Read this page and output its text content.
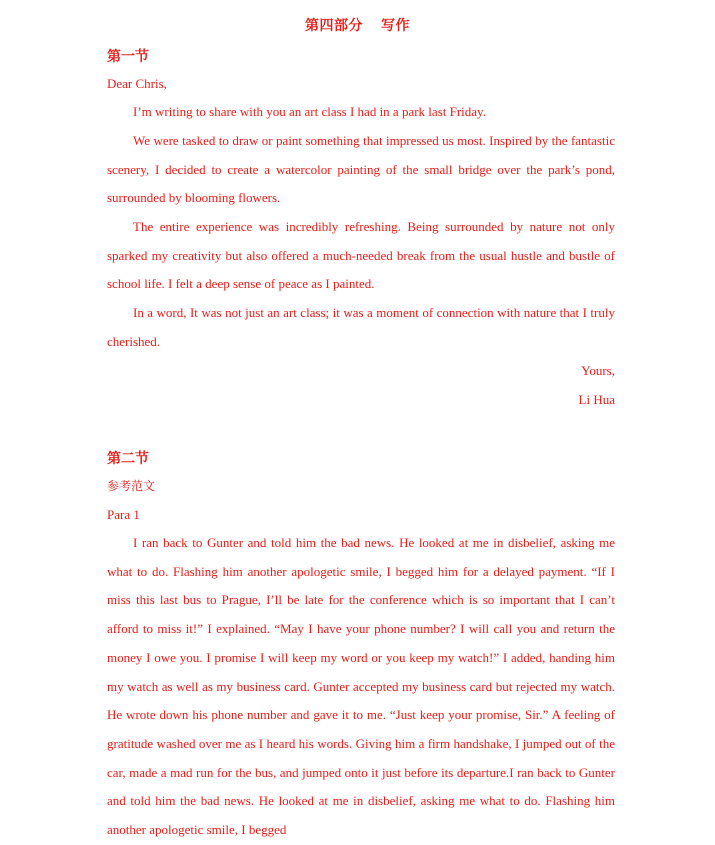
第四部分 写作
第一节
Dear Chris,
I’m writing to share with you an art class I had in a park last Friday.
We were tasked to draw or paint something that impressed us most. Inspired by the fantastic scenery, I decided to create a watercolor painting of the small bridge over the park’s pond, surrounded by blooming flowers.
The entire experience was incredibly refreshing. Being surrounded by nature not only sparked my creativity but also offered a much-needed break from the usual hustle and bustle of school life. I felt a deep sense of peace as I painted.
In a word, It was not just an art class; it was a moment of connection with nature that I truly cherished.
Yours,
Li Hua
第二节
参考范文
Para 1
I ran back to Gunter and told him the bad news. He looked at me in disbelief, asking me what to do. Flashing him another apologetic smile, I begged him for a delayed payment. “If I miss this last bus to Prague, I’ll be late for the conference which is so important that I can’t afford to miss it!” I explained. “May I have your phone number? I will call you and return the money I owe you. I promise I will keep my word or you keep my watch!” I added, handing him my watch as well as my business card. Gunter accepted my business card but rejected my watch. He wrote down his phone number and gave it to me. “Just keep your promise, Sir.” A feeling of gratitude washed over me as I heard his words. Giving him a firm handshake, I jumped out of the car, made a mad run for the bus, and jumped onto it just before its departure.I ran back to Gunter and told him the bad news. He looked at me in disbelief, asking me what to do. Flashing him another apologetic smile, I begged
